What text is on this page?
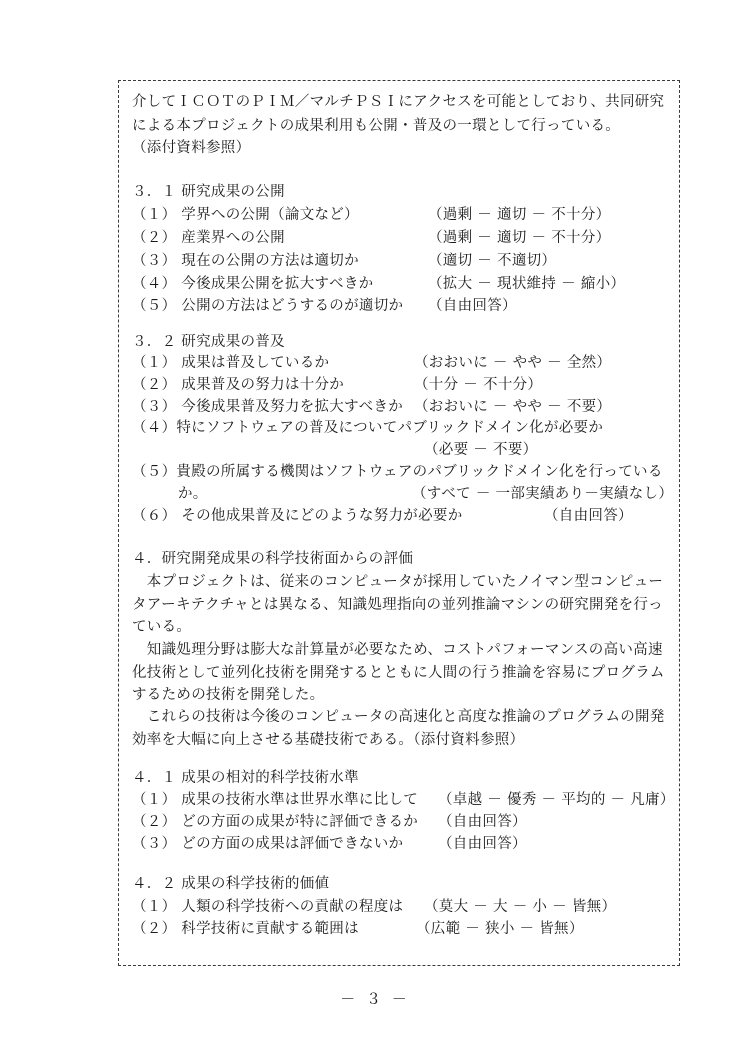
介してＩＣＯＴのＰＩＭ／マルチＰＳＩにアクセスを可能としており、共同研究
による本プロジェクトの成果利用も公開・普及の一環として行っている。
（添付資料参照）
３．１ 研究成果の公開
（１） 学界への公開（論文など）	（過剰 － 適切 － 不十分）
（２） 産業界への公開	（過剰 － 適切 － 不十分）
（３） 現在の公開の方法は適切か	（適切 － 不適切）
（４） 今後成果公開を拡大すべきか	（拡大 － 現状維持 － 縮小）
（５） 公開の方法はどうするのが適切か （自由回答）
３．２ 研究成果の普及
（１） 成果は普及しているか	（おおいに － やや － 全然）
（２） 成果普及の努力は十分か	（十分 － 不十分）
（３） 今後成果普及努力を拡大すべきか （おおいに － やや － 不要）
（４）特にソフトウェアの普及についてパブリックドメイン化が必要か
（必要 － 不要）
（５）貴殿の所属する機関はソフトウェアのパブリックドメイン化を行っている
か。	（すべて － 一部実績あり－実績なし）
（６） その他成果普及にどのような努力が必要か	（自由回答）
４．研究開発成果の科学技術面からの評価
　本プロジェクトは、従来のコンピュータが採用していたノイマン型コンピュー
タアーキテクチャとは異なる、知識処理指向の並列推論マシンの研究開発を行っ
ている。
　知識処理分野は膨大な計算量が必要なため、コストパフォーマンスの高い高速
化技術として並列化技術を開発するとともに人間の行う推論を容易にプログラム
するための技術を開発した。
　これらの技術は今後のコンピュータの高速化と高度な推論のプログラムの開発
効率を大幅に向上させる基礎技術である。（添付資料参照）
４．１ 成果の相対的科学技術水準
（１） 成果の技術水準は世界水準に比して （卓越 － 優秀 － 平均的 － 凡庸）
（２） どの方面の成果が特に評価できるか （自由回答）
（３） どの方面の成果は評価できないか （自由回答）
４．２ 成果の科学技術的価値
（１） 人類の科学技術への貢献の程度は （莫大 － 大 － 小 － 皆無）
（２） 科学技術に貢献する範囲は	（広範 － 狭小 － 皆無）
－ ３ －
